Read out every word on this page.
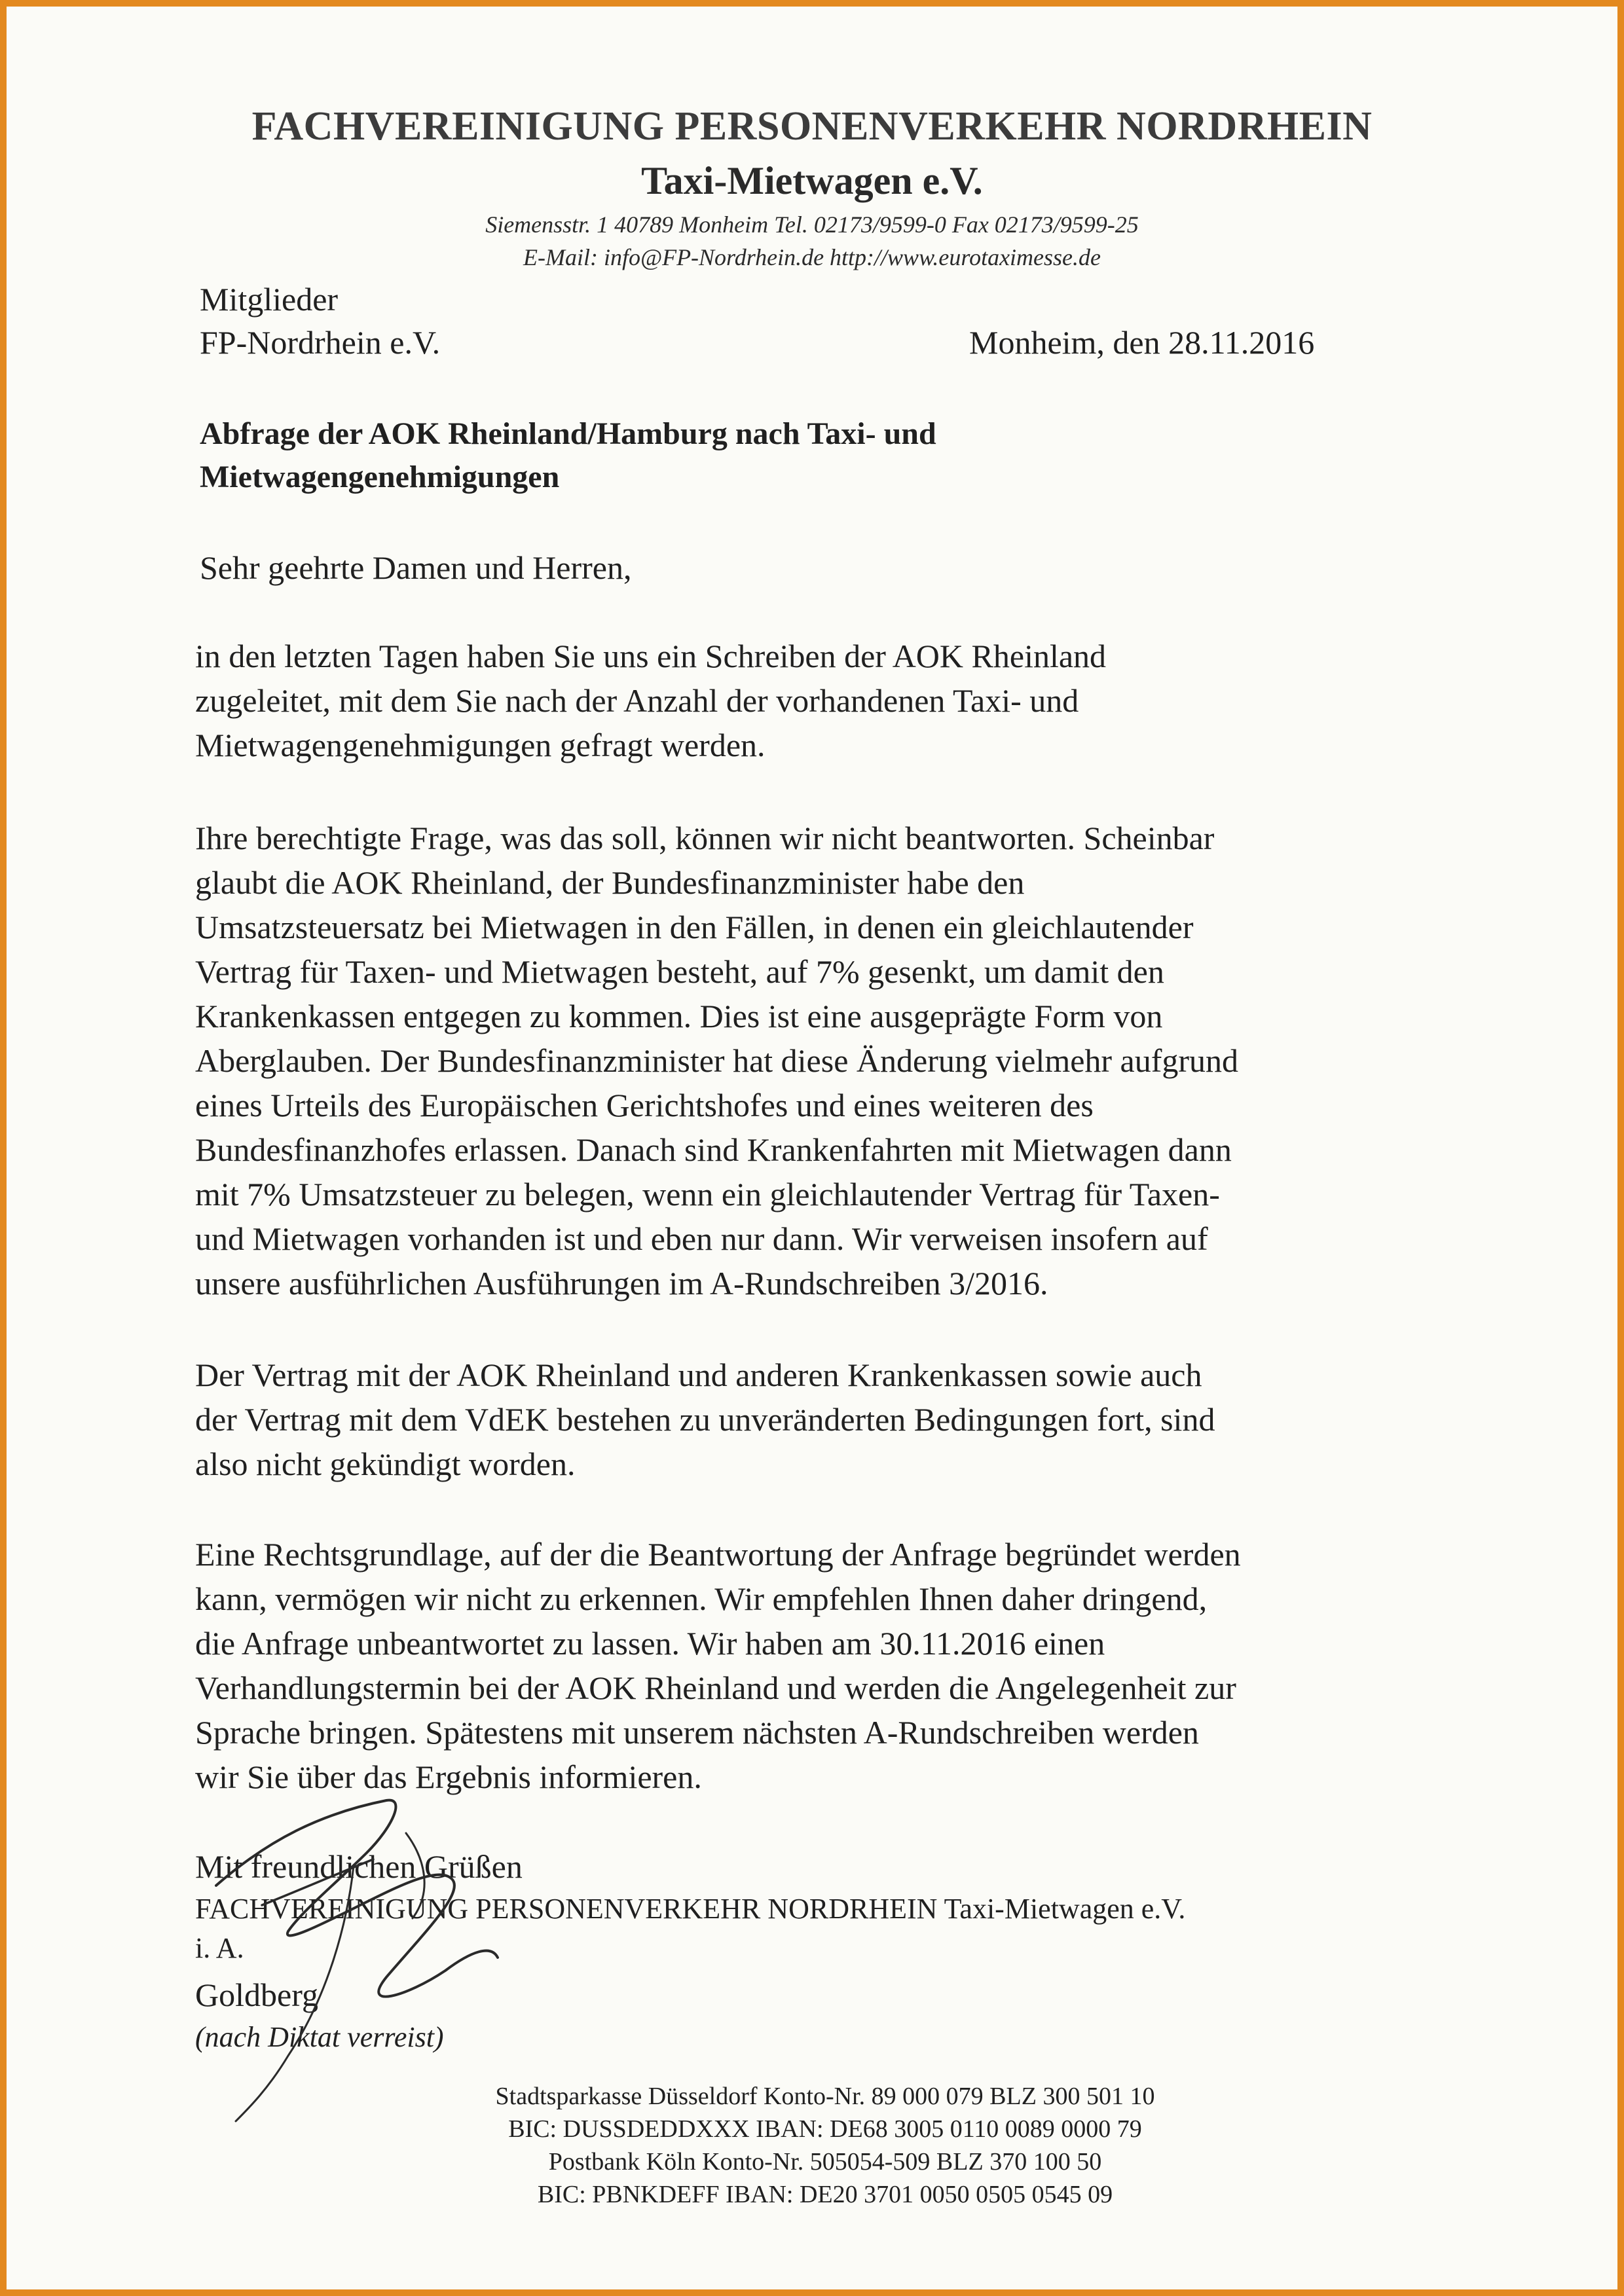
FACHVEREINIGUNG PERSONENVERKEHR NORDRHEIN
Taxi-Mietwagen e.V.
Siemensstr. 1 40789 Monheim Tel. 02173/9599-0 Fax 02173/9599-25
E-Mail: info@FP-Nordrhein.de http://www.eurotaximesse.de
Mitglieder
FP-Nordrhein e.V.	Monheim, den 28.11.2016
Abfrage der AOK Rheinland/Hamburg nach Taxi- und
Mietwagengenehmigungen
Sehr geehrte Damen und Herren,
in den letzten Tagen haben Sie uns ein Schreiben der AOK Rheinland
zugeleitet, mit dem Sie nach der Anzahl der vorhandenen Taxi- und
Mietwagengenehmigungen gefragt werden.
Ihre berechtigte Frage, was das soll, können wir nicht beantworten. Scheinbar
glaubt die AOK Rheinland, der Bundesfinanzminister habe den
Umsatzsteuersatz bei Mietwagen in den Fällen, in denen ein gleichlautender
Vertrag für Taxen- und Mietwagen besteht, auf 7% gesenkt, um damit den
Krankenkassen entgegen zu kommen. Dies ist eine ausgeprägte Form von
Aberglauben. Der Bundesfinanzminister hat diese Änderung vielmehr aufgrund
eines Urteils des Europäischen Gerichtshofes und eines weiteren des
Bundesfinanzhofes erlassen. Danach sind Krankenfahrten mit Mietwagen dann
mit 7% Umsatzsteuer zu belegen, wenn ein gleichlautender Vertrag für Taxen-
und Mietwagen vorhanden ist und eben nur dann. Wir verweisen insofern auf
unsere ausführlichen Ausführungen im A-Rundschreiben 3/2016.
Der Vertrag mit der AOK Rheinland und anderen Krankenkassen sowie auch
der Vertrag mit dem VdEK bestehen zu unveränderten Bedingungen fort, sind
also nicht gekündigt worden.
Eine Rechtsgrundlage, auf der die Beantwortung der Anfrage begründet werden
kann, vermögen wir nicht zu erkennen. Wir empfehlen Ihnen daher dringend,
die Anfrage unbeantwortet zu lassen. Wir haben am 30.11.2016 einen
Verhandlungstermin bei der AOK Rheinland und werden die Angelegenheit zur
Sprache bringen. Spätestens mit unserem nächsten A-Rundschreiben werden
wir Sie über das Ergebnis informieren.
Mit freundlichen Grüßen
FACHVEREINIGUNG PERSONENVERKEHR NORDRHEIN Taxi-Mietwagen e.V.
i. A.
Goldberg
(nach Diktat verreist)
Stadtsparkasse Düsseldorf Konto-Nr. 89 000 079 BLZ 300 501 10
BIC: DUSSDEDDXXX IBAN: DE68 3005 0110 0089 0000 79
Postbank Köln Konto-Nr. 505054-509 BLZ 370 100 50
BIC: PBNKDEFF IBAN: DE20 3701 0050 0505 0545 09
